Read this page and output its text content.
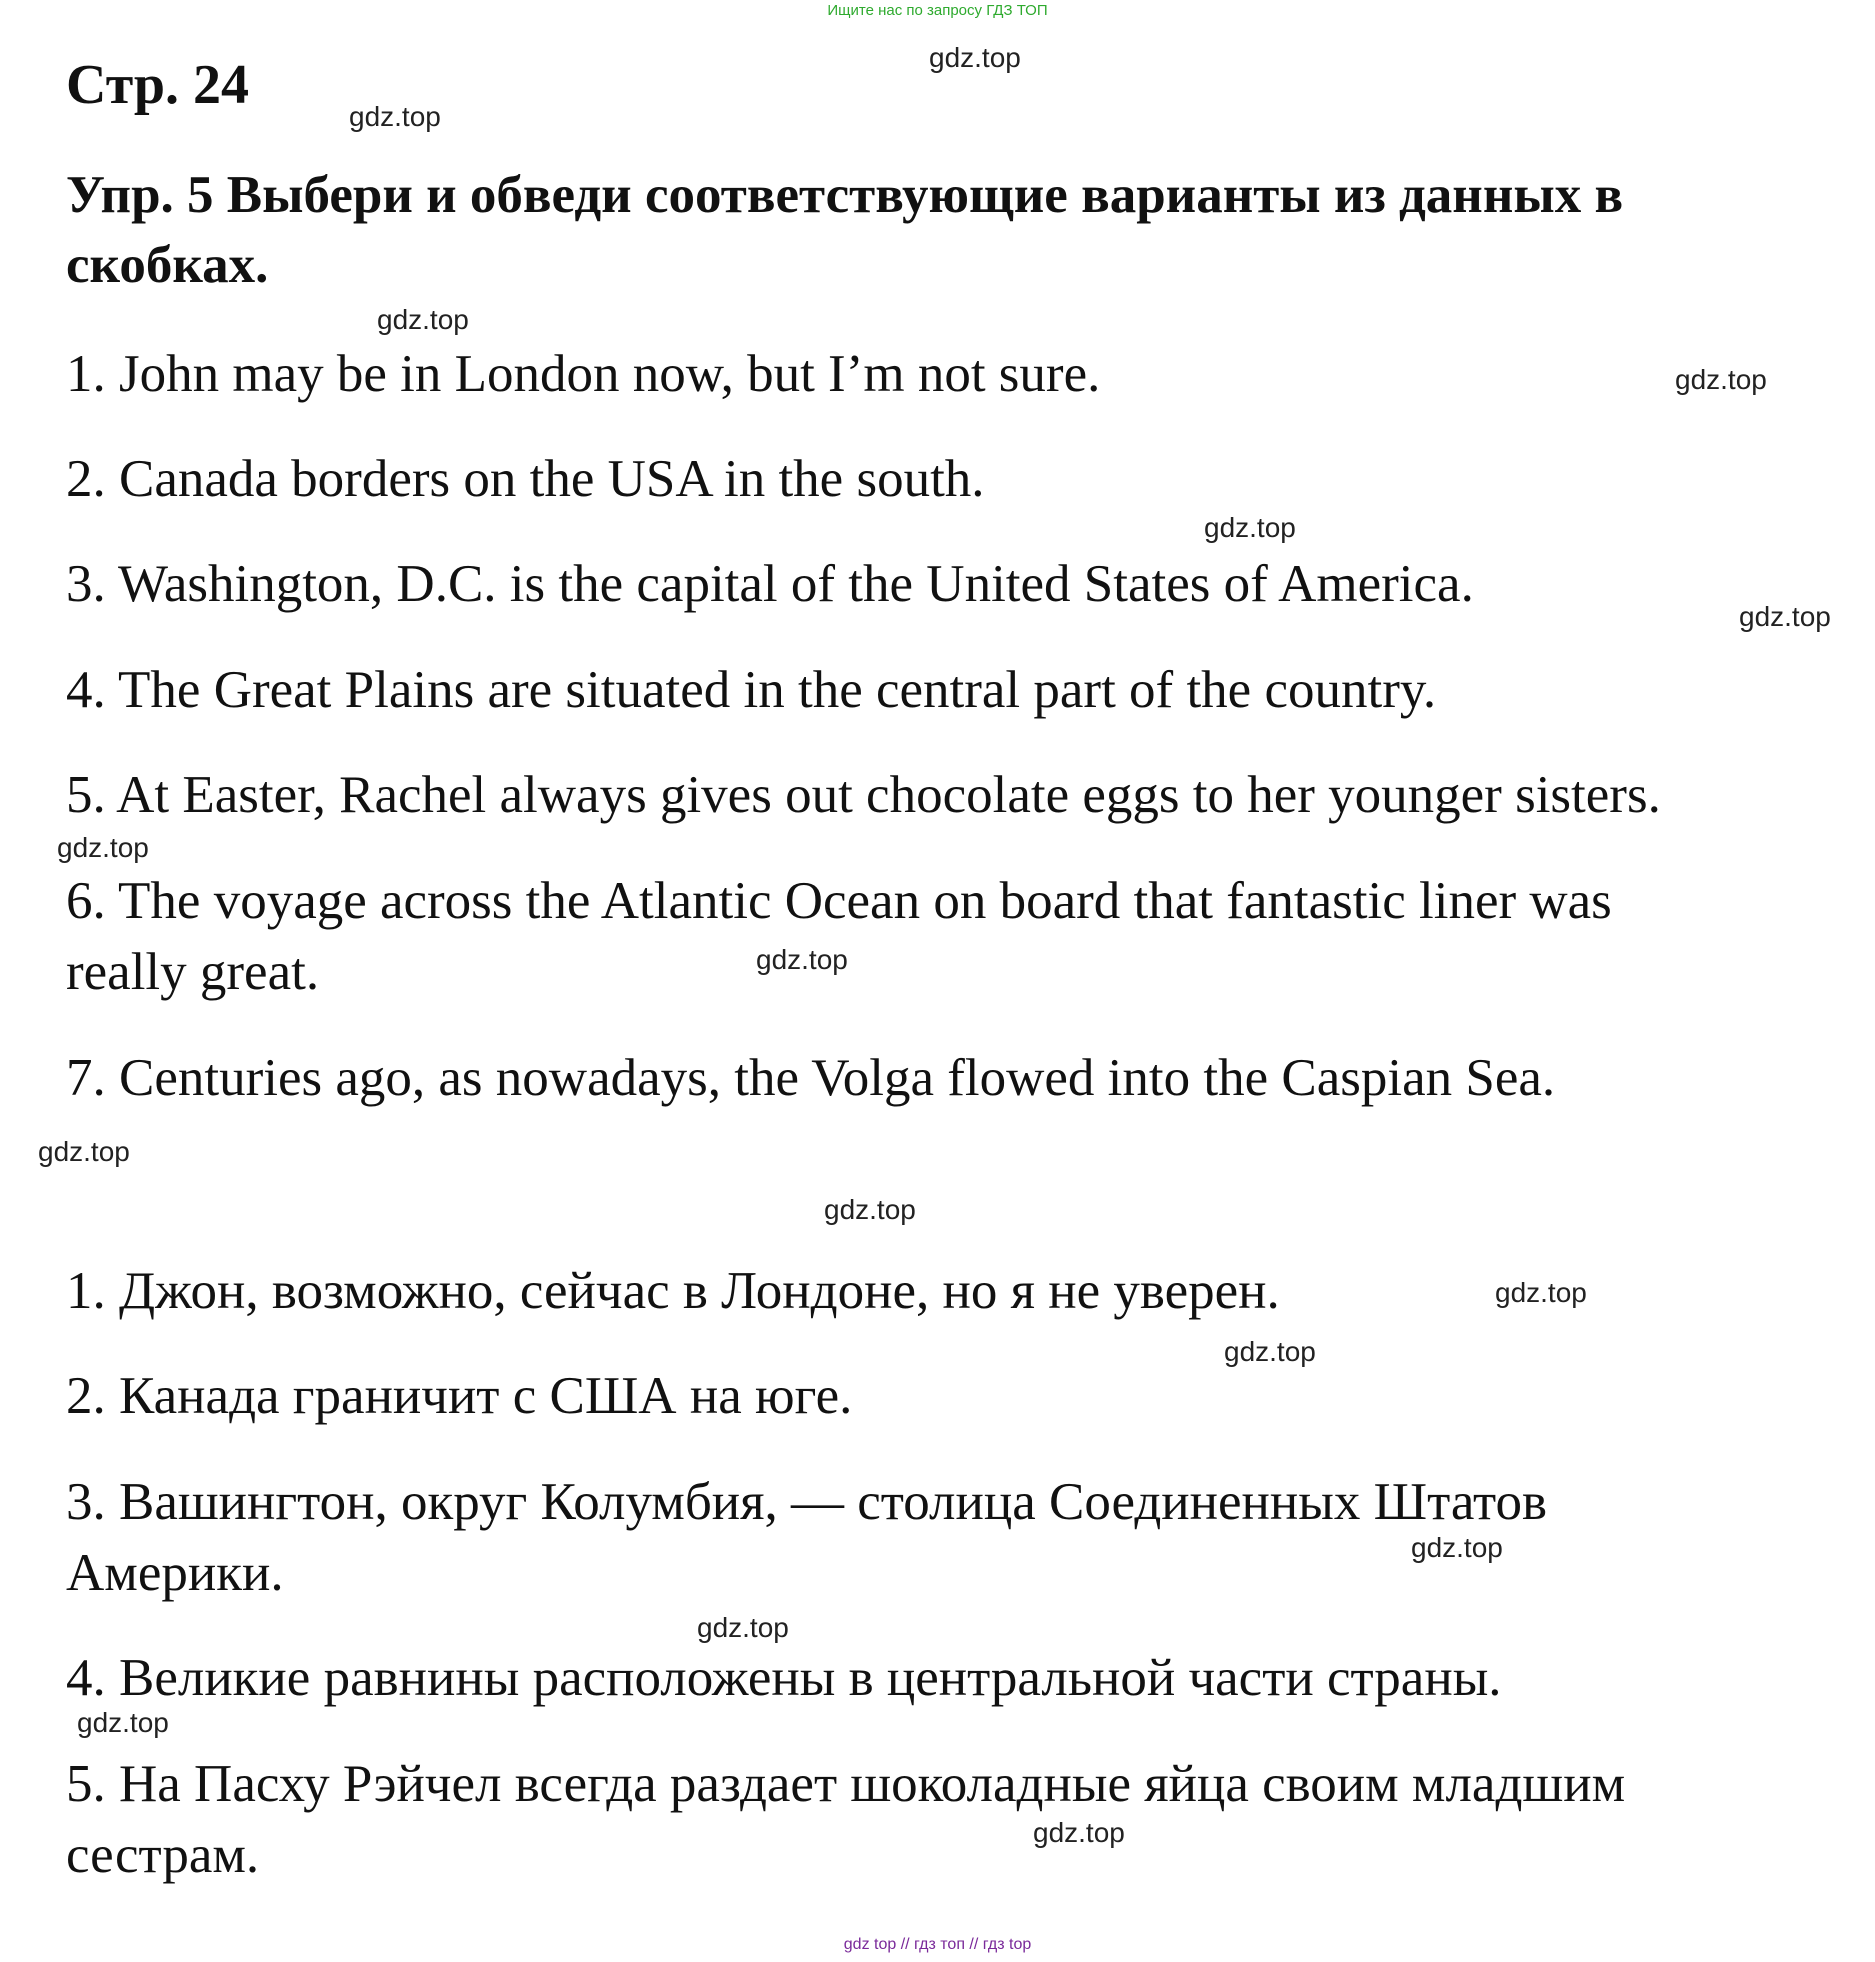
Ищите нас по запросу ГДЗ ТОП
Стр. 24
Упр. 5 Выбери и обведи соответствующие варианты из данных в скобках.

1. John may be in London now, but I’m not sure.

2. Canada borders on the USA in the south.

3. Washington, D.C. is the capital of the United States of America.

4. The Great Plains are situated in the central part of the country.

5. At Easter, Rachel always gives out chocolate eggs to her younger sisters.

6. The voyage across the Atlantic Ocean on board that fantastic liner was

really great.

7. Centuries ago, as nowadays, the Volga flowed into the Caspian Sea.

1. Джон, возможно, сейчас в Лондоне, но я не уверен.

2. Канада граничит с США на юге.

3. Вашингтон, округ Колумбия, — столица Соединенных Штатов

Америки.

4. Великие равнины расположены в центральной части страны.

5. На Пасху Рэйчел всегда раздает шоколадные яйца своим младшим

сестрам.

gdz.top
gdz.top
gdz.top
gdz.top
gdz.top
gdz.top
gdz.top
gdz.top
gdz.top
gdz.top
gdz.top
gdz.top
gdz.top
gdz.top
gdz.top
gdz.top
gdz top // гдз топ // гдз top
